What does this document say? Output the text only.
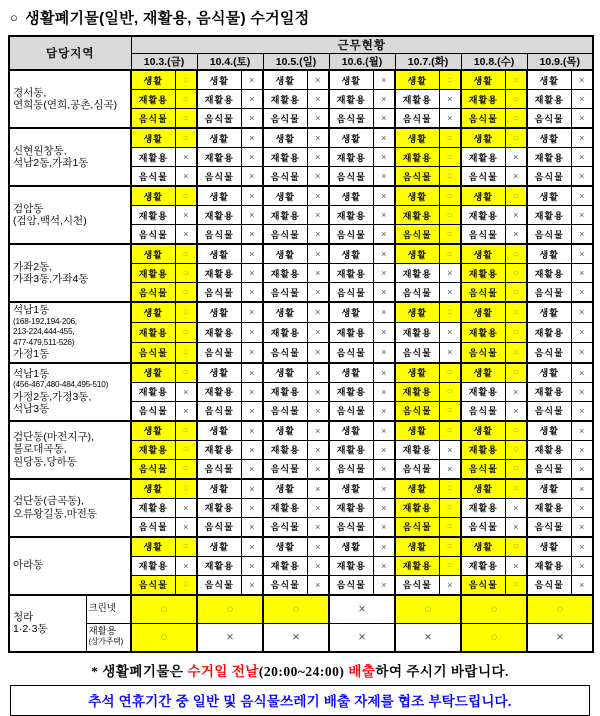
○ 생활폐기물(일반, 재활용, 음식물) 수거일정
담당지역		근무현황													
		10.3.(금)		10.4.(토)		10.5.(일)		10.6.(월)		10.7.(화)		10.8.(수)		10.9.(목)	

경서동,
연희동(연희,공촌,심곡)		생활	○	생활	×	생활	×	생활	×	생활	○	생활	○	생활	×
		재활용	○	재활용	×	재활용	×	재활용	×	재활용	×	재활용	○	재활용	×
		음식물	○	음식물	×	음식물	×	음식물	×	음식물	×	음식물	○	음식물	×

신현원창동,
석남2동,가좌1동		생활	○	생활	×	생활	×	생활	×	생활	○	생활	○	생활	×
		재활용	×	재활용	×	재활용	×	재활용	×	재활용	○	재활용	×	재활용	×
		음식물	×	음식물	×	음식물	×	음식물	×	음식물	○	음식물	×	음식물	×

검암동
(검암,백석,시천)		생활	○	생활	×	생활	×	생활	×	생활	○	생활	○	생활	×
		재활용	×	재활용	×	재활용	×	재활용	×	재활용	○	재활용	×	재활용	×
		음식물	×	음식물	×	음식물	×	음식물	×	음식물	○	음식물	×	음식물	×

가좌2동,
가좌3동,가좌4동		생활	○	생활	×	생활	×	생활	×	생활	○	생활	○	생활	×
		재활용	○	재활용	×	재활용	×	재활용	×	재활용	×	재활용	○	재활용	×
		음식물	○	음식물	×	음식물	×	음식물	×	음식물	×	음식물	○	음식물	×

석남1동
(168-192,194-206,
213-224,444-455,
477-479,511-526)
가정1동		생활	○	생활	×	생활	×	생활	×	생활	○	생활	○	생활	×
		재활용	○	재활용	×	재활용	×	재활용	×	재활용	×	재활용	○	재활용	×
		음식물	○	음식물	×	음식물	×	음식물	×	음식물	×	음식물	○	음식물	×

석남1동
(456-467,480-484,495-510)
가정2동,가정3동,
석남3동		생활	○	생활	×	생활	×	생활	×	생활	○	생활	○	생활	×
		재활용	×	재활용	×	재활용	×	재활용	×	재활용	○	재활용	×	재활용	×
		음식물	×	음식물	×	음식물	×	음식물	×	음식물	○	음식물	×	음식물	×

검단동(마전지구),
불로대곡동,
원당동,당하동		생활	○	생활	×	생활	×	생활	×	생활	○	생활	○	생활	×
		재활용	○	재활용	×	재활용	×	재활용	×	재활용	×	재활용	○	재활용	×
		음식물	○	음식물	×	음식물	×	음식물	×	음식물	×	음식물	○	음식물	×

검단동(금곡동),
오류왕길동,마전동		생활	○	생활	×	생활	×	생활	×	생활	○	생활	○	생활	×
		재활용	×	재활용	×	재활용	×	재활용	×	재활용	○	재활용	×	재활용	×
		음식물	×	음식물	×	음식물	×	음식물	×	음식물	○	음식물	×	음식물	×

아라동		생활	○	생활	×	생활	×	생활	×	생활	○	생활	○	생활	×
		재활용	×	재활용	×	재활용	×	재활용	×	재활용	○	재활용	×	재활용	×
		음식물	○	음식물	×	음식물	×	음식물	×	음식물	×	음식물	○	음식물	×

청라
1·2·3동	크린넷	○		○		○		×		○		○		○	

	재활용
(상가주택)	○		×		×		×		×		○		×	
* 생활폐기물은 수거일 전날(20:00~24:00) 배출하여 주시기 바랍니다.
추석 연휴기간 중 일반 및 음식물쓰레기 배출 자제를 협조 부탁드립니다.
